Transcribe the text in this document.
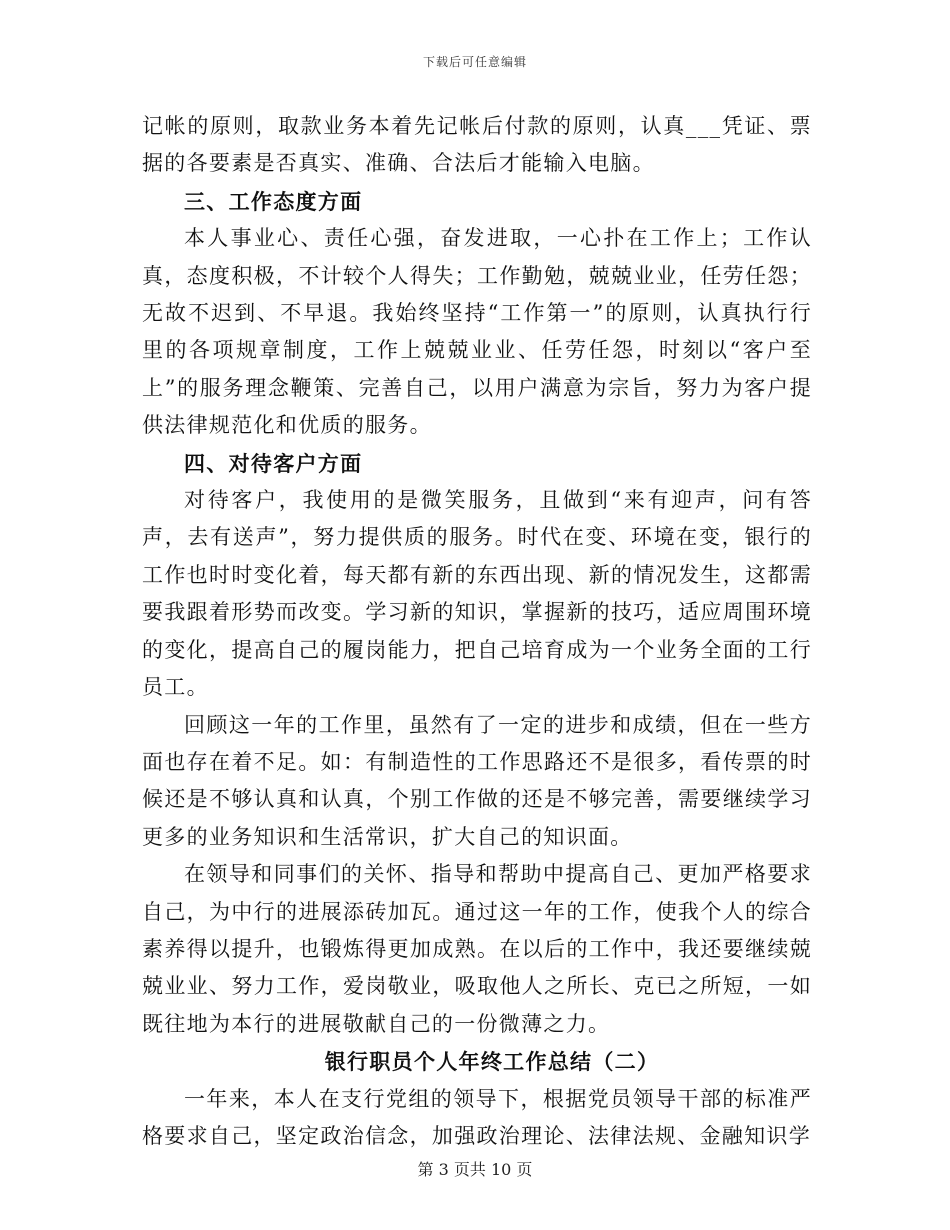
下载后可任意编辑

记帐的原则，取款业务本着先记帐后付款的原则，认真___凭证、票据的各要素是否真实、准确、合法后才能输入电脑。

三、工作态度方面

本人事业心、责任心强，奋发进取，一心扑在工作上；工作认真，态度积极，不计较个人得失；工作勤勉，兢兢业业，任劳任怨；无故不迟到、不早退。我始终坚持“工作第一”的原则，认真执行行里的各项规章制度，工作上兢兢业业、任劳任怨，时刻以“客户至上”的服务理念鞭策、完善自己，以用户满意为宗旨，努力为客户提供法律规范化和优质的服务。

四、对待客户方面

对待客户，我使用的是微笑服务，且做到“来有迎声，问有答声，去有送声”，努力提供质的服务。时代在变、环境在变，银行的工作也时时变化着，每天都有新的东西出现、新的情况发生，这都需要我跟着形势而改变。学习新的知识，掌握新的技巧，适应周围环境的变化，提高自己的履岗能力，把自己培育成为一个业务全面的工行员工。

回顾这一年的工作里，虽然有了一定的进步和成绩，但在一些方面也存在着不足。如：有制造性的工作思路还不是很多，看传票的时候还是不够认真和认真，个别工作做的还是不够完善，需要继续学习更多的业务知识和生活常识，扩大自己的知识面。

在领导和同事们的关怀、指导和帮助中提高自己、更加严格要求自己，为中行的进展添砖加瓦。通过这一年的工作，使我个人的综合素养得以提升，也锻炼得更加成熟。在以后的工作中，我还要继续兢兢业业、努力工作，爱岗敬业，吸取他人之所长、克已之所短，一如既往地为本行的进展敬献自己的一份微薄之力。

银行职员个人年终工作总结（二）

一年来，本人在支行党组的领导下，根据党员领导干部的标准严格要求自己，坚定政治信念，加强政治理论、法律法规、金融知识学

第 3 页共 10 页
